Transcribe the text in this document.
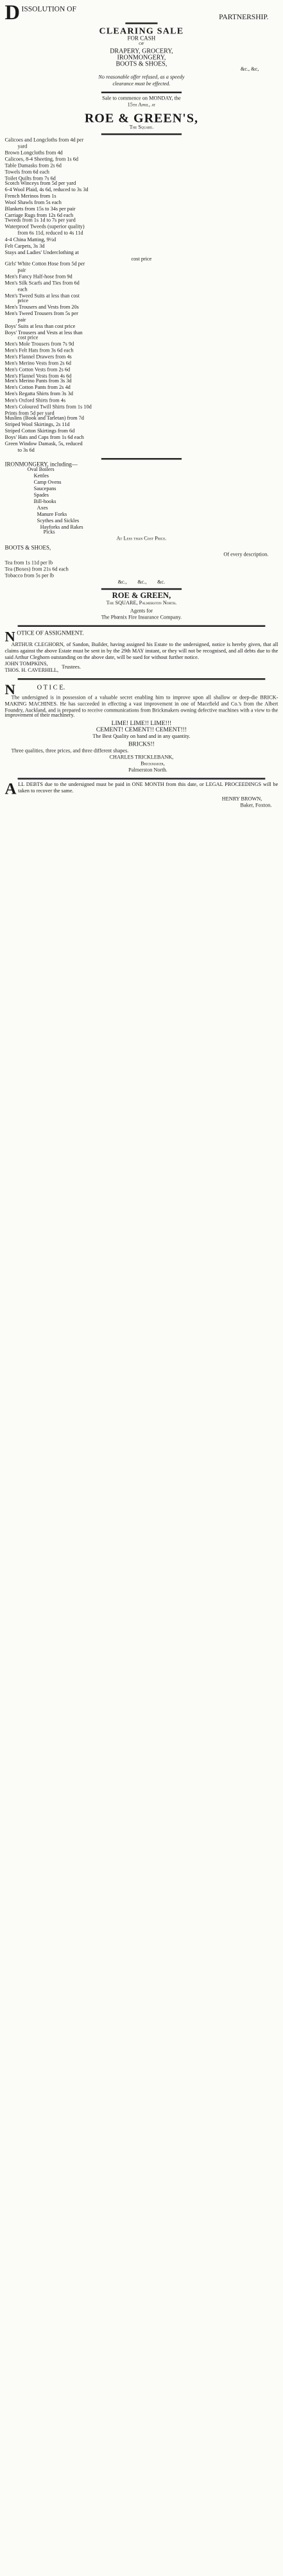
D ISSOLUTION OF
PARTNERSHIP.
CLEARING SALE
FOR CASH
OF
DRAPERY, GROCERY,
IRONMONGERY,
BOOTS & SHOES,
&c., &c,
No reasonable offer refused, as a speedy
clearance must be effected.
Sale to commence on MONDAY, the
15th April, at
ROE & GREEN'S,
The Square.
Calicoes and Longcloths from 4d per
yard
Brown Longcloths from 4d
Calicoes, 8-4 Sheeting, from 1s 6d
Table Damasks from 2s 6d
Towels from 6d each
Toilet Quilts from 7s 6d
Scotch Winceys from 5d per yard
6-4 Wool Plaid, 4s 6d, reduced to 3s 3d
French Merinos from 1s
Wool Shawls from 5s each
Blankets from 15s to 34s per pair
Carriage Rugs from 12s 6d each
Tweeds from 1s 1d to 7s per yard
Waterproof Tweeds (superior quality)
from 6s 11d, reduced to 4s 11d
4-4 China Matting, 9½d
Felt Carpets, 3s 3d
Stays and Ladies' Underclothing at
cost price
Girls' White Cotton Hose from 5d per
pair
Men's Fancy Half-hose from 9d
Men's Silk Scarfs and Ties from 6d
each
Men's Tweed Suits at less than cost
price
Men's Trousers and Vests from 20s
Men's Tweed Trousers from 5s per
pair
Boys' Suits at less than cost price
Boys' Trousers and Vests at less than
cost price
Men's Mole Trousers from 7s 9d
Men's Felt Hats from 3s 6d each
Men's Flannel Drawers from 4s
Men's Merino Vests from 2s 6d
Men's Cotton Vests from 2s 6d
Men's Flannel Vests from 4s 6d
Men's Merino Pants from 3s 3d
Men's Cotton Pants from 2s 4d
Men's Regatta Shirts from 3s 3d
Men's Oxford Shirts from 4s
Men's Coloured Twill Shirts from 1s 10d
Prints from 5d per yard
Muslins (Book and Tarletan) from 7d
Striped Wool Skirtings, 2s 11d
Striped Cotton Skirtings from 6d
Boys' Hats and Caps from 1s 6d each
Green Window Damask, 5s, reduced
to 3s 6d
IRONMONGERY, including—
Oval Boilers
Kettles
Camp Ovens
Saucepans
Spades
Bill-hooks
Axes
Manure Forks
Scythes and Sickles
Hayforks and Rakes
Picks
At Less than Cost Price.
BOOTS & SHOES,
Of every description.
Tea from 1s 11d per lb
Tea (Boxes) from 21s 6d each
Tobacco from 5s per lb
&c.,        &c.,        &c.
ROE & GREEN,
The SQUARE, Palmerston North.
Agents for
The Phœnix Fire Insurance Company.
N OTICE OF ASSIGNMENT.
ARTHUR CLEGHORN, of Sandon, Builder, having assigned his Estate to the undersigned, notice is hereby given, that all claims against the above Estate must be sent in by the 29th MAY instant, or they will not be recognised, and all debts due to the said Arthur Cleghorn outstanding on the above date, will be sued for without further notice.
JOHN TOMPKINS,
THOS. H. CAVERHILL,	Trustees.
N	O T I C E.
The undersigned is in possession of a valuable secret enabling him to improve upon all shallow or deep-die BRICK-MAKING MACHINES. He has succeeded in effecting a vast improvement in one of Macefield and Co.'s from the Albert Foundry, Auckland, and is prepared to receive communications from Brickmakers owning defective machines with a view to the improvement of their machinery.
LIME! LIME!! LIME!!!
CEMENT! CEMENT!! CEMENT!!!
The Best Quality on hand and in any quantity.
BRICKS!!
Three qualities, three prices, and three different shapes.
CHARLES TRICKLEBANK,
Brickmaker,
Palmerston North.
A LL DEBTS due to the undersigned must be paid in ONE MONTH from this date, or LEGAL PROCEEDINGS will be taken to recover the same.
HENRY BROWN,
Baker, Foxton.
